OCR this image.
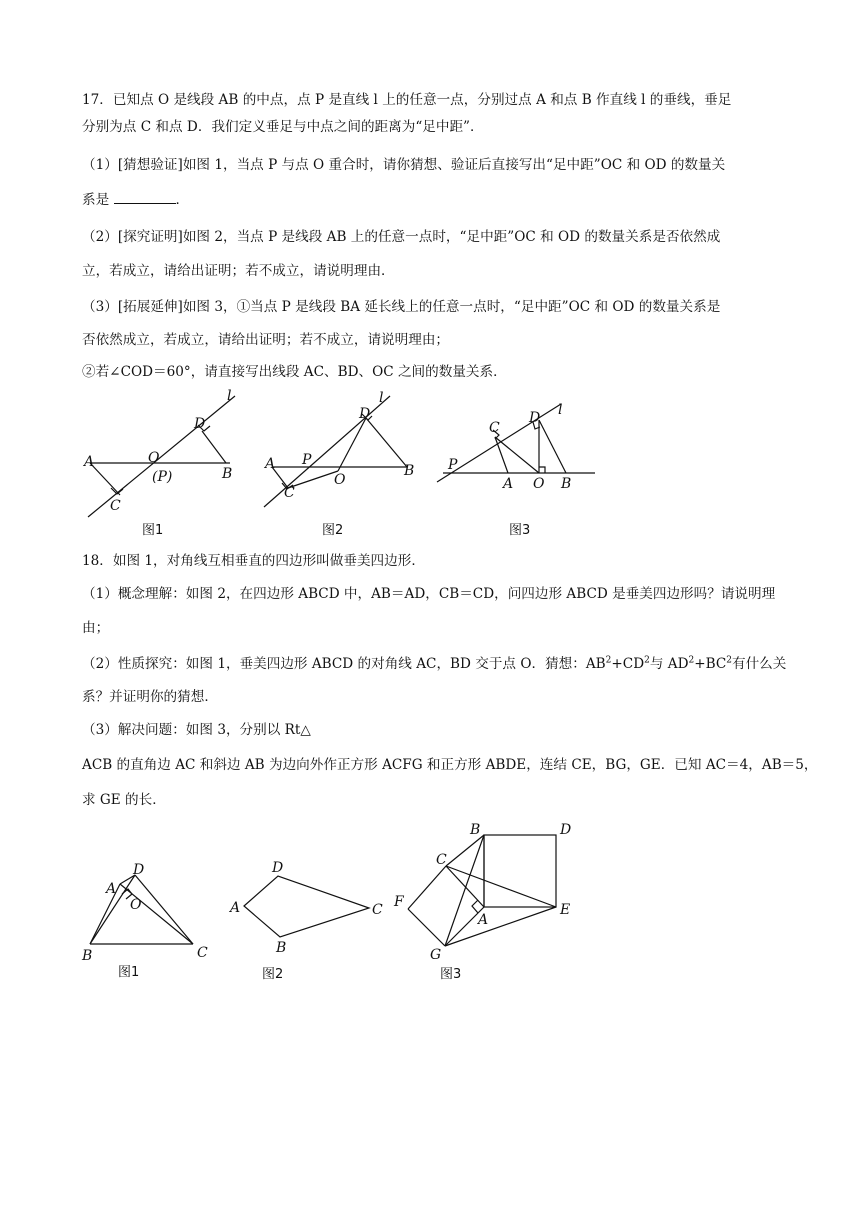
17．已知点 O 是线段 AB 的中点，点 P 是直线 l 上的任意一点，分别过点 A 和点 B 作直线 l 的垂线，垂足
分别为点 C 和点 D．我们定义垂足与中点之间的距离为“足中距”．
（1）[猜想验证]如图 1，当点 P 与点 O 重合时，请你猜想、验证后直接写出“足中距”OC 和 OD 的数量关
系是	．
（2）[探究证明]如图 2，当点 P 是线段 AB 上的任意一点时，“足中距”OC 和 OD 的数量关系是否依然成
立，若成立，请给出证明；若不成立，请说明理由．
（3）[拓展延伸]如图 3，①当点 P 是线段 BA 延长线上的任意一点时，“足中距”OC 和 OD 的数量关系是
否依然成立，若成立，请给出证明；若不成立，请说明理由；
②若∠COD＝60°，请直接写出线段 AC、BD、OC 之间的数量关系．
A	O
(P)	B
C
D
l
图1
A P
O
B
C
D
l
图2
P
A O B
C
D l
图3
18．如图 1，对角线互相垂直的四边形叫做垂美四边形．
（1）概念理解：如图 2，在四边形 ABCD 中，AB＝AD，CB＝CD，问四边形 ABCD 是垂美四边形吗？请说明理
由；
（2）性质探究：如图 1，垂美四边形 ABCD 的对角线 AC，BD 交于点 O．猜想：$AB^2+CD^2$与 $AD^2+BC^2$有什么关
系？并证明你的猜想．
（3）解决问题：如图 3，分别以 Rt△
ACB 的直角边 AC 和斜边 AB 为边向外作正方形 ACFG 和正方形 ABDE，连结 CE，BG，GE．已知 AC＝4，AB＝5，
求 GE 的长．
A
D
O
B	C
图1
A
D
C
B
图2
B	D
C
F
A
E
G
图3
